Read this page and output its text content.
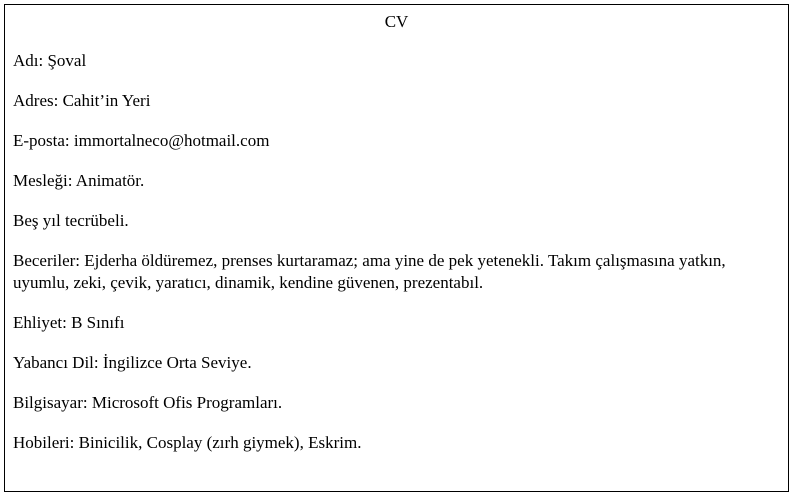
CV
Adı: Şoval
Adres: Cahit’in Yeri
E-posta: immortalneco@hotmail.com
Mesleği: Animatör.
Beş yıl tecrübeli.
Beceriler: Ejderha öldüremez, prenses kurtaramaz; ama yine de pek yetenekli. Takım çalışmasına yatkın, uyumlu, zeki, çevik, yaratıcı, dinamik, kendine güvenen, prezentabıl.
Ehliyet: B Sınıfı
Yabancı Dil: İngilizce Orta Seviye.
Bilgisayar: Microsoft Ofis Programları.
Hobileri: Binicilik, Cosplay (zırh giymek), Eskrim.
